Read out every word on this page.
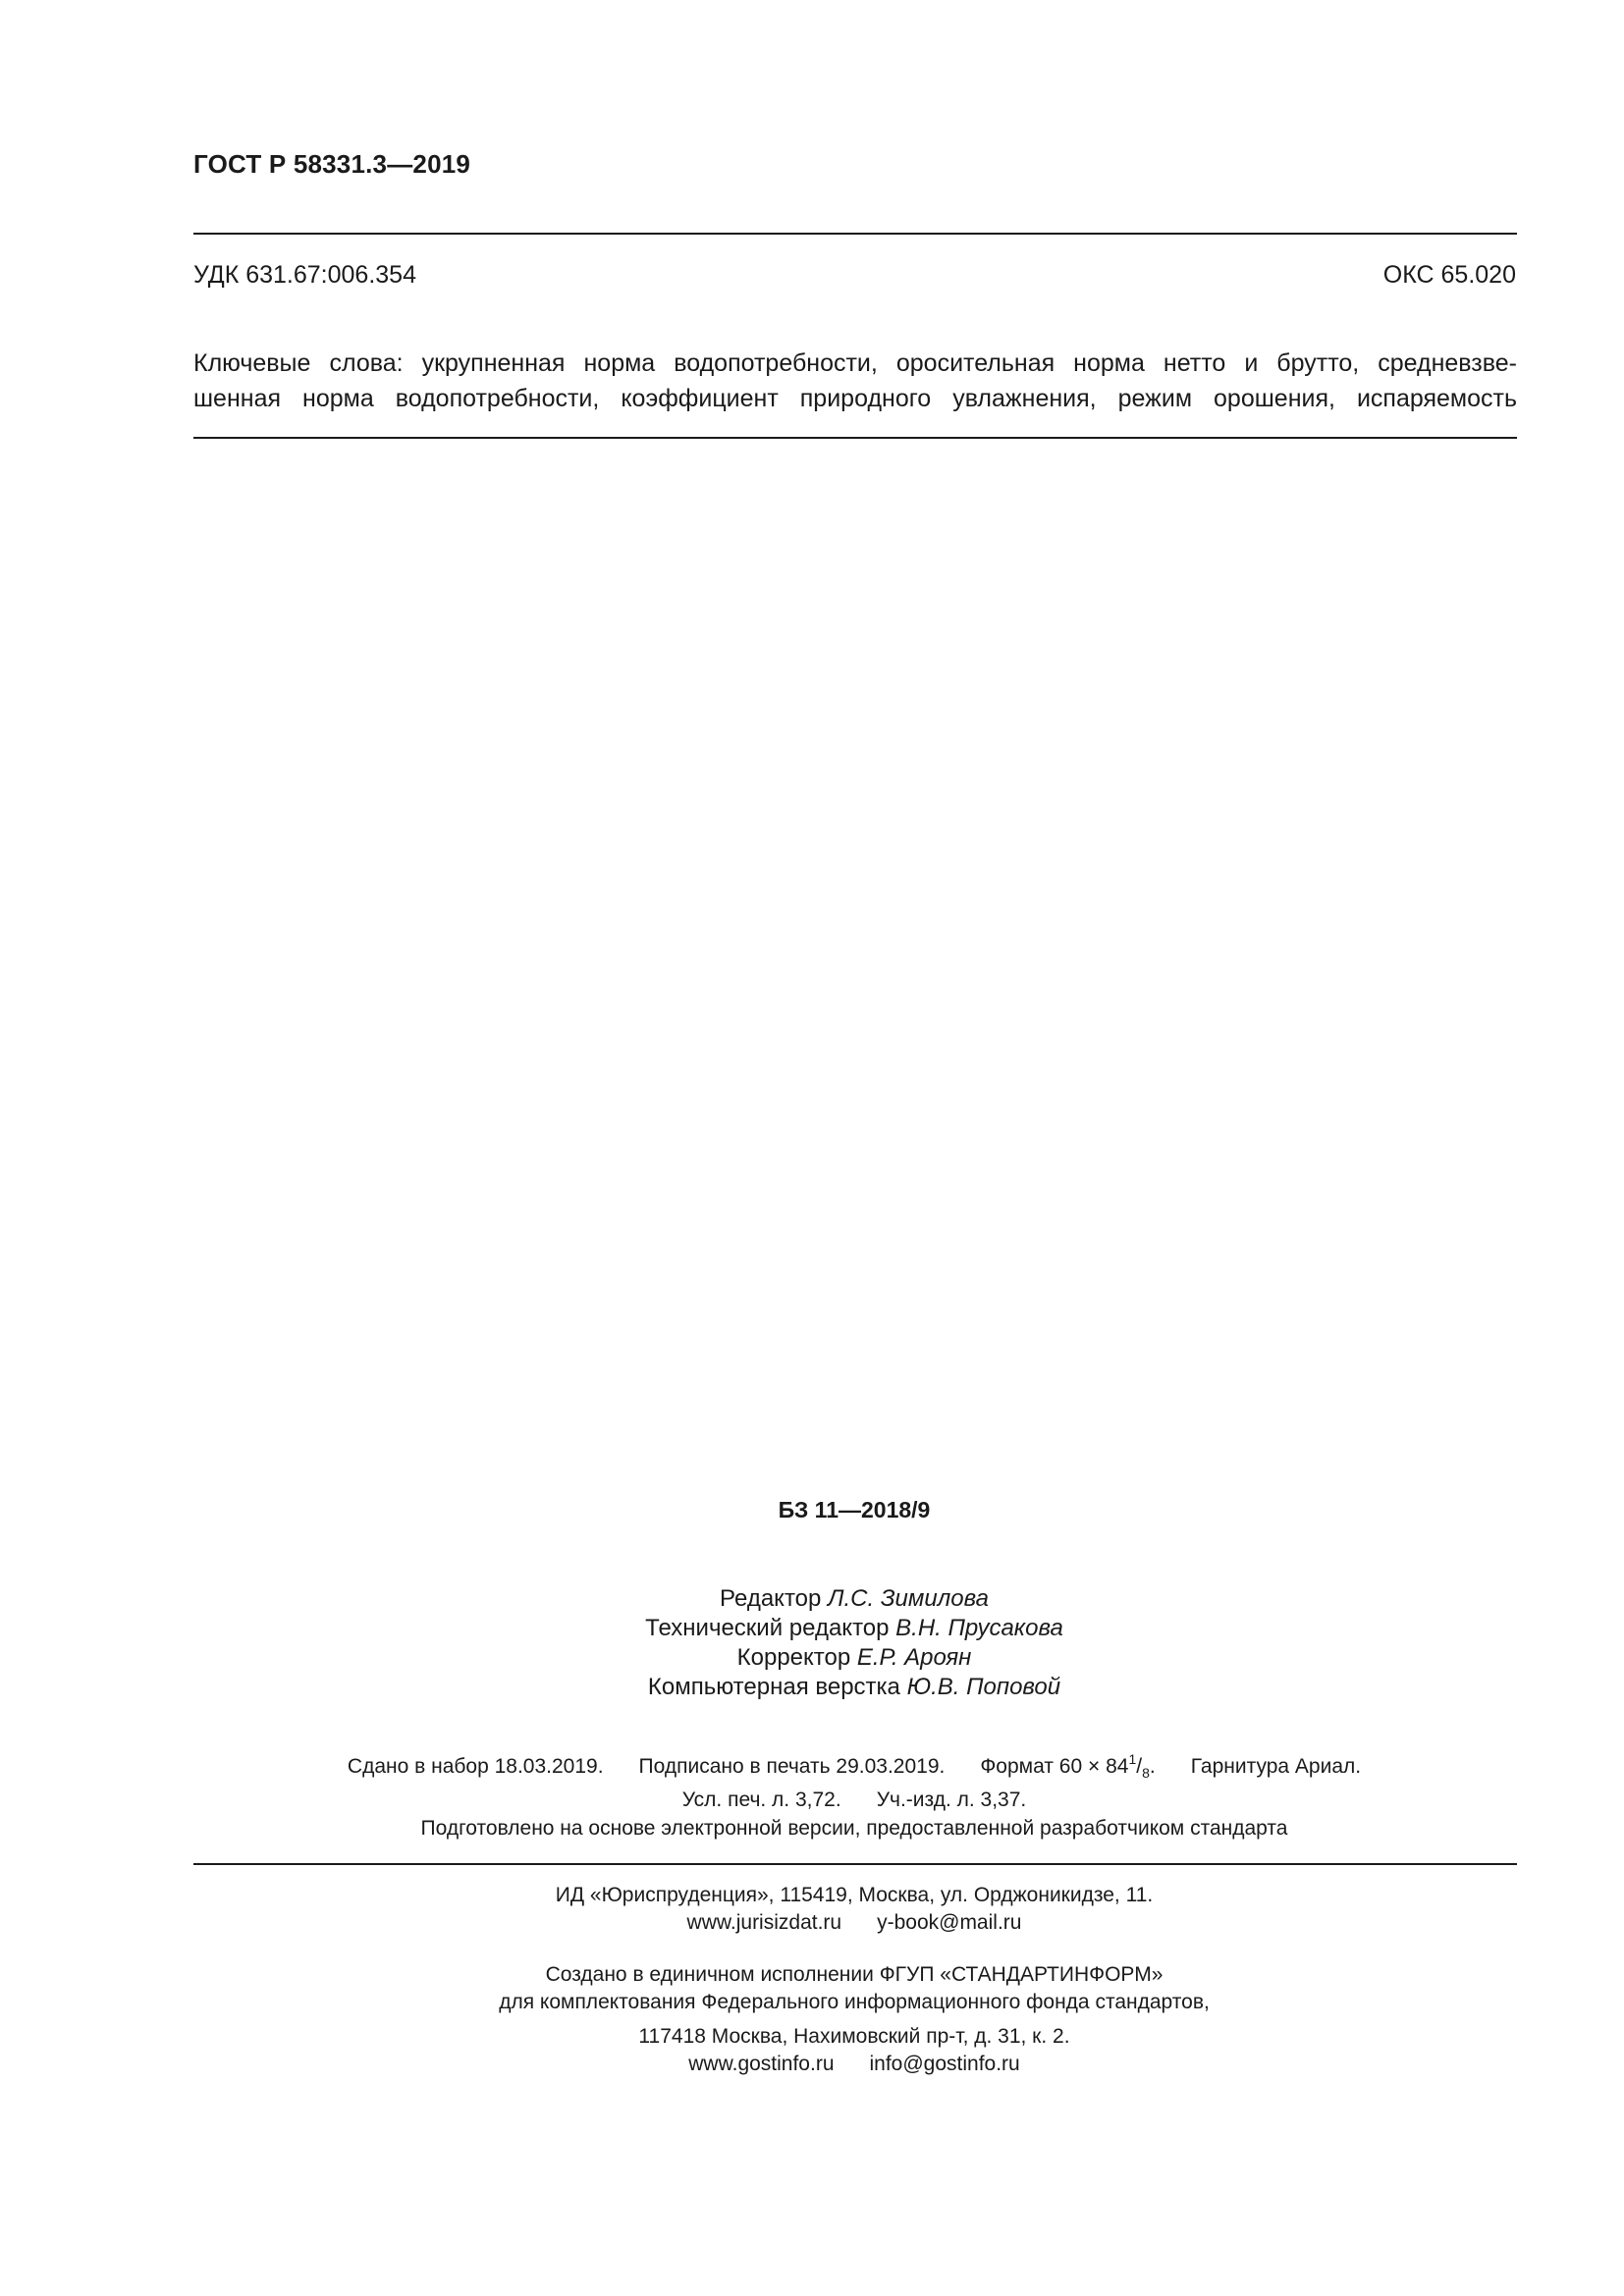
ГОСТ Р 58331.3—2019
УДК 631.67:006.354	ОКС 65.020
Ключевые слова: укрупненная норма водопотребности, оросительная норма нетто и брутто, средневзве-
шенная норма водопотребности, коэффициент природного увлажнения, режим орошения, испаряемость
БЗ 11—2018/9
Редактор Л.С. Зимилова
Технический редактор В.Н. Прусакова
Корректор Е.Р. Ароян
Компьютерная верстка Ю.В. Поповой
Сдано в набор 18.03.2019. Подписано в печать 29.03.2019. Формат $60 \times 84^1/_8$. Гарнитура Ариал.
Усл. печ. л. 3,72. Уч.-изд. л. 3,37.
Подготовлено на основе электронной версии, предоставленной разработчиком стандарта
ИД «Юриспруденция», 115419, Москва, ул. Орджоникидзе, 11.
www.jurisizdat.ru y-book@mail.ru
Создано в единичном исполнении ФГУП «СТАНДАРТИНФОРМ»
для комплектования Федерального информационного фонда стандартов,
117418 Москва, Нахимовский пр-т, д. 31, к. 2.
www.gostinfo.ru info@gostinfo.ru
